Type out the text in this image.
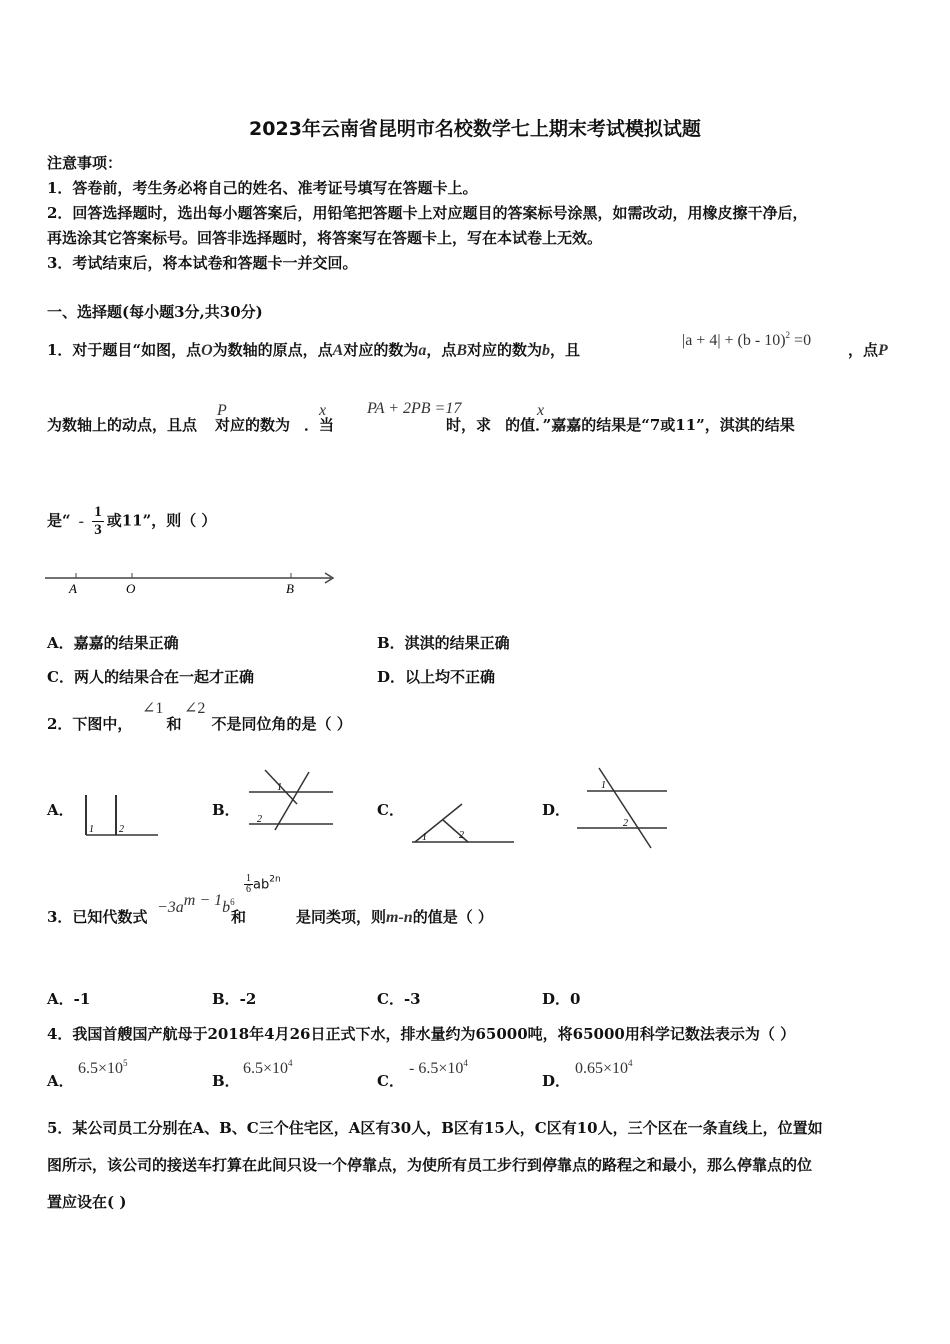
2023年云南省昆明市名校数学七上期末考试模拟试题
注意事项：
1．答卷前，考生务必将自己的姓名、准考证号填写在答题卡上。
2．回答选择题时，选出每小题答案后，用铅笔把答题卡上对应题目的答案标号涂黑，如需改动，用橡皮擦干净后，
再选涂其它答案标号。回答非选择题时，将答案写在答题卡上，写在本试卷上无效。
3．考试结束后，将本试卷和答题卡一并交回。
一、选择题(每小题3分,共30分)
1．对于题目“如图，点O为数轴的原点，点A对应的数为a，点B对应的数为b，且
|a + 4| + (b - 10)$^2$ =0
，点P
P	x	PA + 2PB =17	x
为数轴上的动点，且点 对应的数为 ．当	时，求 的值．”嘉嘉的结果是“7或11”，淇淇的结果
是“ - $\frac{1}{3}$ 或11”，则（ ）
A	O	B
A．嘉嘉的结果正确	B．淇淇的结果正确
C．两人的结果合在一起才正确	D．以上均不正确
2．下图中， 和 不是同位角的是（ ）
∠1 ∠2
A．	B．	C．	D．
1	2
1
2
1	2
1
2
$-3a^{m - 1}b^6$
$\frac{1}{6} ab^{2n}$
3．已知代数式	和	是同类项，则m-n的值是（ ）
A．-1	B．-2	C．-3	D．0
4．我国首艘国产航母于2018年4月26日正式下水，排水量约为65000吨，将65000用科学记数法表示为（ ）
A．
$6.5\times 10^5$
B．
$6.5\times 10^4$
C．
- $6.5\times 10^4$
D．
$0.65\times 10^4$
5．某公司员工分别在A、B、C三个住宅区，A区有30人，B区有15人，C区有10人，三个区在一条直线上，位置如
图所示，该公司的接送车打算在此间只设一个停靠点，为使所有员工步行到停靠点的路程之和最小，那么停靠点的位
置应设在( )
